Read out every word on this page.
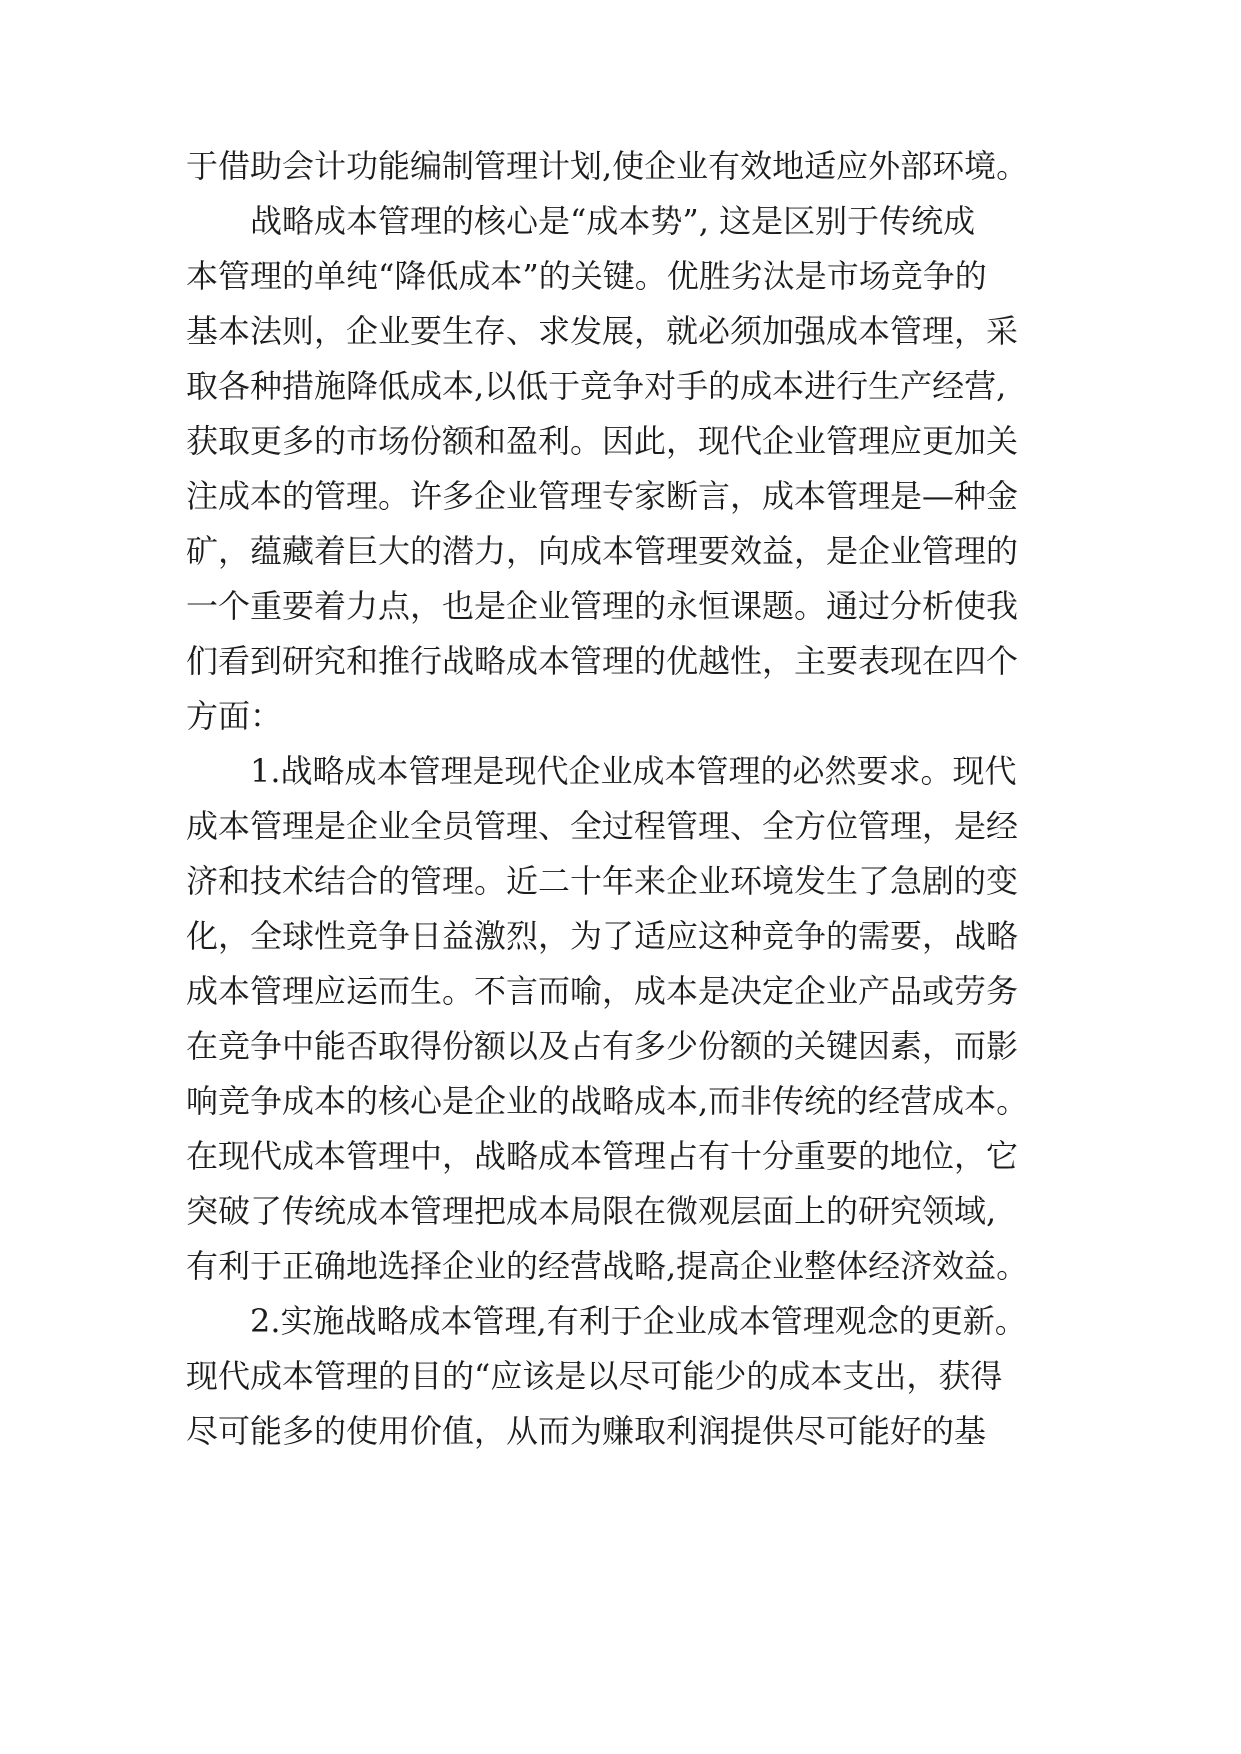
于借助会计功能编制管理计划,使企业有效地适应外部环境。
战略成本管理的核心是“成本势”, 这是区别于传统成
本管理的单纯“降低成本”的关键。优胜劣汰是市场竞争的
基本法则，企业要生存、求发展，就必须加强成本管理，采
取各种措施降低成本,以低于竞争对手的成本进行生产经营,
获取更多的市场份额和盈利。因此，现代企业管理应更加关
注成本的管理。许多企业管理专家断言，成本管理是—种金
矿，蕴藏着巨大的潜力，向成本管理要效益，是企业管理的
一个重要着力点，也是企业管理的永恒课题。通过分析使我
们看到研究和推行战略成本管理的优越性，主要表现在四个
方面：
1.战略成本管理是现代企业成本管理的必然要求。现代
成本管理是企业全员管理、全过程管理、全方位管理，是经
济和技术结合的管理。近二十年来企业环境发生了急剧的变
化，全球性竞争日益激烈，为了适应这种竞争的需要，战略
成本管理应运而生。不言而喻，成本是决定企业产品或劳务
在竞争中能否取得份额以及占有多少份额的关键因素，而影
响竞争成本的核心是企业的战略成本,而非传统的经营成本。
在现代成本管理中，战略成本管理占有十分重要的地位，它
突破了传统成本管理把成本局限在微观层面上的研究领域,
有利于正确地选择企业的经营战略,提高企业整体经济效益。
2.实施战略成本管理,有利于企业成本管理观念的更新。
现代成本管理的目的“应该是以尽可能少的成本支出，获得
尽可能多的使用价值，从而为赚取利润提供尽可能好的基
